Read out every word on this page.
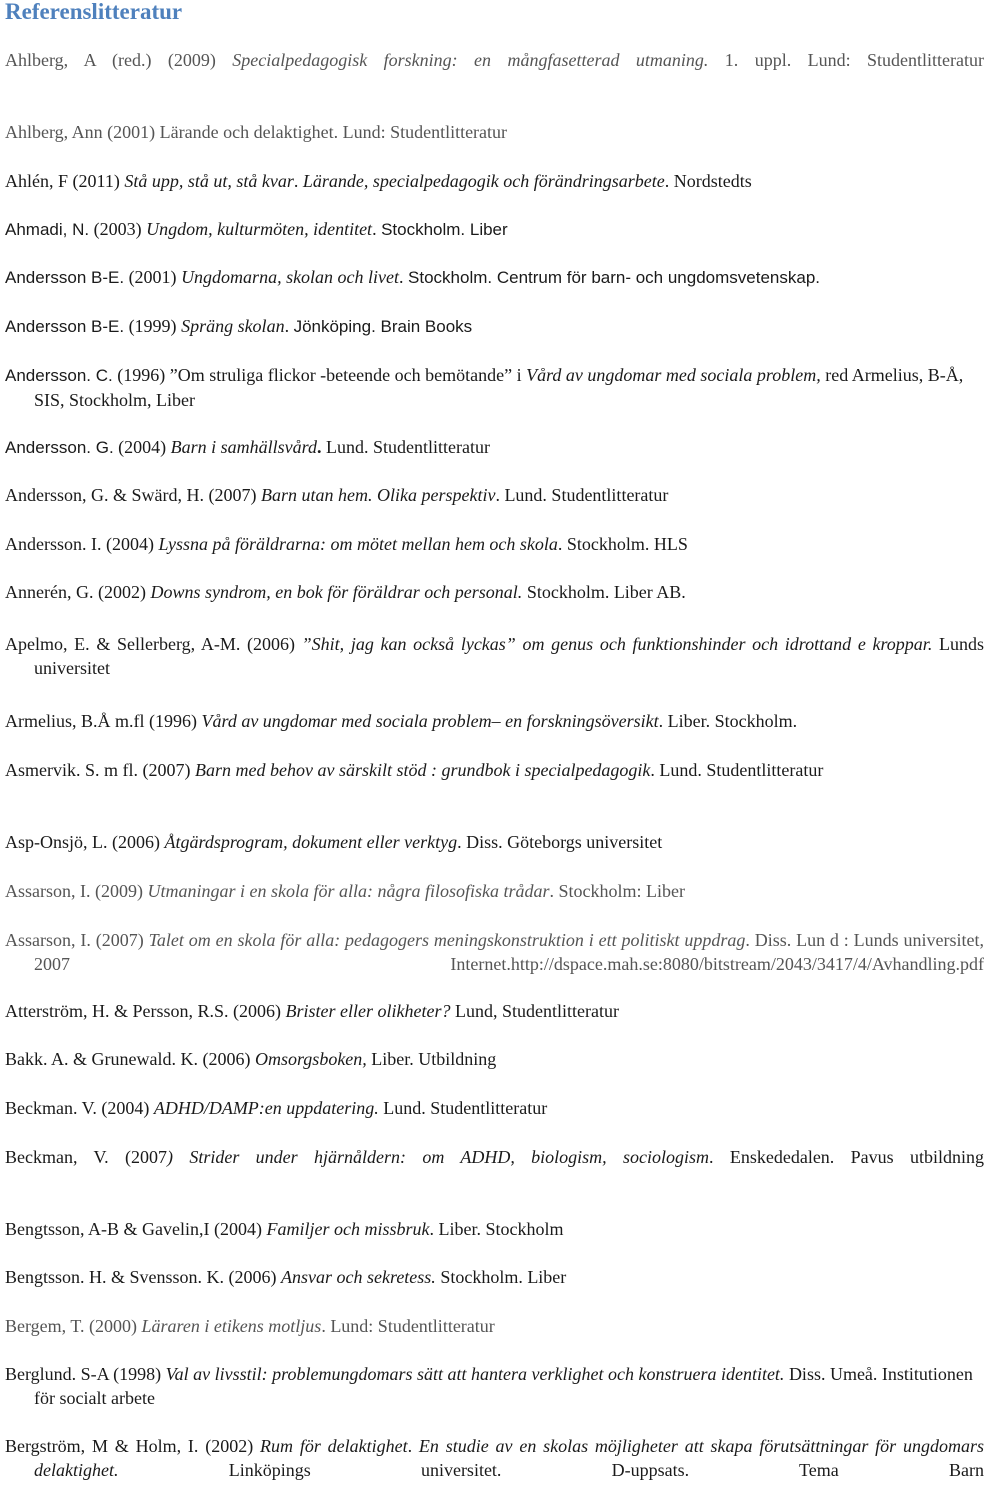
Referenslitteratur

Ahlberg, A (red.) (2009) Specialpedagogisk forskning: en mångfasetterad utmaning. 1. uppl. Lund: Studentlitteratur

Ahlberg, Ann (2001) Lärande och delaktighet. Lund: Studentlitteratur

Ahlén, F (2011) Stå upp, stå ut, stå kvar. Lärande, specialpedagogik och förändringsarbete. Nordstedts

Ahmadi, N. (2003) Ungdom, kulturmöten, identitet. Stockholm. Liber

Andersson B-E. (2001) Ungdomarna, skolan och livet. Stockholm. Centrum för barn- och ungdomsvetenskap.

Andersson B-E. (1999) Spräng skolan. Jönköping. Brain Books

Andersson. C. (1996) ”Om struliga flickor -beteende och bemötande” i Vård av ungdomar med sociala problem, red Armelius, B-Å, SIS, Stockholm, Liber

Andersson. G. (2004) Barn i samhällsvård. Lund. Studentlitteratur

Andersson, G. & Swärd, H. (2007) Barn utan hem. Olika perspektiv. Lund. Studentlitteratur

Andersson. I. (2004) Lyssna på föräldrarna: om mötet mellan hem och skola. Stockholm. HLS

Annerén, G. (2002) Downs syndrom, en bok för föräldrar och personal. Stockholm. Liber AB.

Apelmo, E. & Sellerberg, A-M. (2006) ”Shit, jag kan också lyckas” om genus och funktionshinder och idrottand e kroppar. Lunds universitet

Armelius, B.Å m.fl (1996) Vård av ungdomar med sociala problem– en forskningsöversikt. Liber. Stockholm.

Asmervik. S. m fl. (2007) Barn med behov av särskilt stöd : grundbok i specialpedagogik. Lund. Studentlitteratur

Asp-Onsjö, L. (2006) Åtgärdsprogram, dokument eller verktyg. Diss. Göteborgs universitet

Assarson, I. (2009) Utmaningar i en skola för alla: några filosofiska trådar. Stockholm: Liber

Assarson, I. (2007) Talet om en skola för alla: pedagogers meningskonstruktion i ett politiskt uppdrag. Diss. Lun d : Lunds universitet, 2007 Internet.http://dspace.mah.se:8080/bitstream/2043/3417/4/Avhandling.pdf

Atterström, H. & Persson, R.S. (2006) Brister eller olikheter? Lund, Studentlitteratur

Bakk. A. & Grunewald. K. (2006) Omsorgsboken, Liber. Utbildning

Beckman. V. (2004) ADHD/DAMP:en uppdatering. Lund. Studentlitteratur

Beckman, V. (2007) Strider under hjärnåldern: om ADHD, biologism, sociologism. Enskededalen. Pavus utbildning

Bengtsson, A-B & Gavelin,I (2004) Familjer och missbruk. Liber. Stockholm

Bengtsson. H. & Svensson. K. (2006) Ansvar och sekretess. Stockholm. Liber

Bergem, T. (2000) Läraren i etikens motljus. Lund: Studentlitteratur

Berglund. S-A (1998) Val av livsstil: problemungdomars sätt att hantera verklighet och konstruera identitet. Diss. Umeå. Institutionen för socialt arbete

Bergström, M & Holm, I. (2002) Rum för delaktighet. En studie av en skolas möjligheter att skapa förutsättningar för ungdomars delaktighet. Linköpings universitet. D-uppsats. Tema Barn
